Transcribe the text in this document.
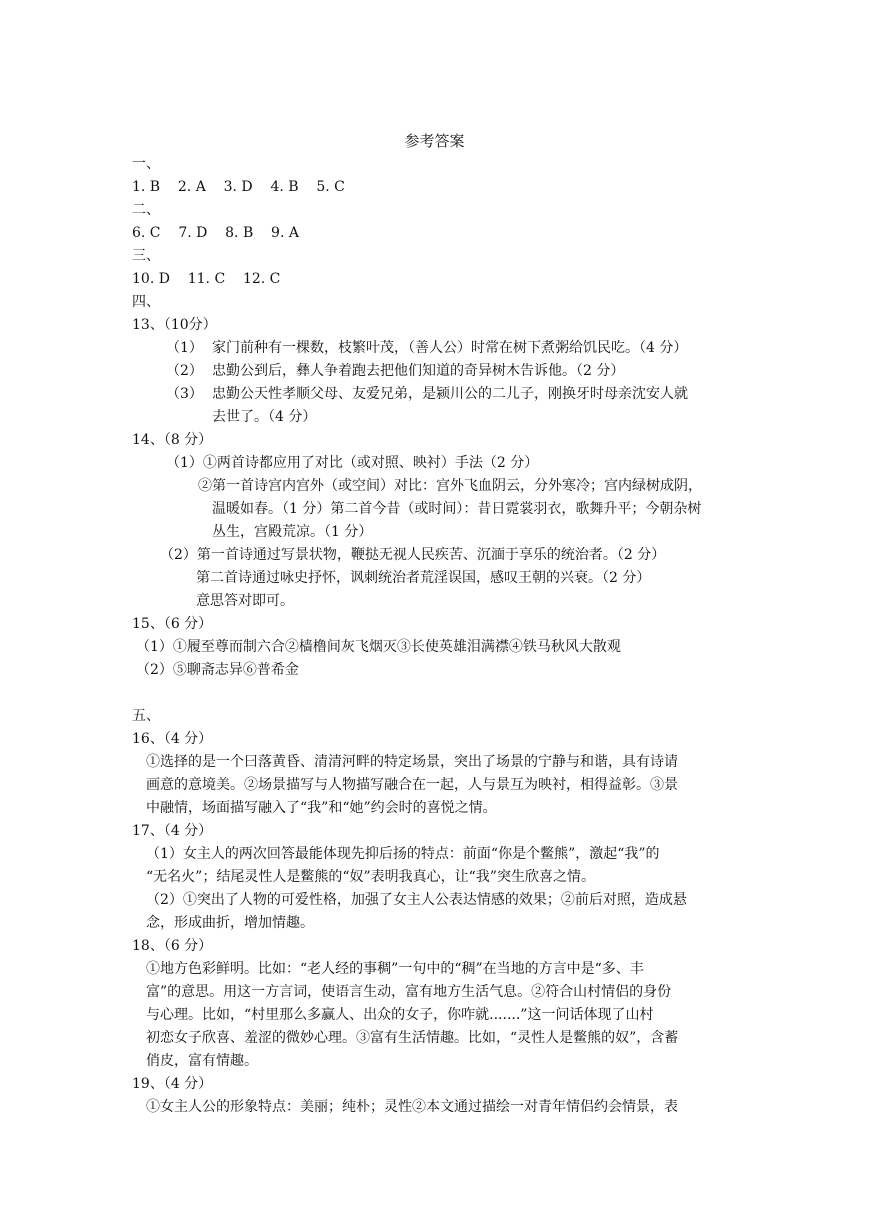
参考答案
一、
1. B    2. A    3. D    4. B    5. C
二、
6. C    7. D    8. B    9. A
三、
10. D    11. C    12. C
四、
13、（10分）
（1） 家门前种有一棵数，枝繁叶茂，（善人公）时常在树下煮粥给饥民吃。（4 分）
（2） 忠勤公到后，彝人争着跑去把他们知道的奇异树木告诉他。（2 分）
（3） 忠勤公天性孝顺父母、友爱兄弟，是颍川公的二儿子，刚换牙时母亲沈安人就
去世了。（4 分）
14、（8 分）
（1）①两首诗都应用了对比（或对照、映衬）手法（2 分）
②第一首诗宫内宫外（或空间）对比：宫外飞血阴云，分外寒冷；宫内绿树成阴，
温暖如春。（1 分）第二首今昔（或时间）：昔日霓裳羽衣，歌舞升平；今朝杂树
丛生，宫殿荒凉。（1 分）
（2）第一首诗通过写景状物，鞭挞无视人民疾苦、沉湎于享乐的统治者。（2 分）
第二首诗通过咏史抒怀，讽刺统治者荒淫误国，感叹王朝的兴衰。（2 分）
意思答对即可。
15、（6 分）
（1）①履至尊而制六合②樯橹间灰飞烟灭③长使英雄泪满襟④铁马秋风大散观
（2）⑤聊斋志异⑥普希金
五、
16、（4 分）
①选择的是一个曰落黄昏、清清河畔的特定场景，突出了场景的宁静与和谐，具有诗请
画意的意境美。②场景描写与人物描写融合在一起，人与景互为映衬，相得益彰。③景
中融情，场面描写融入了“我”和“她”约会时的喜悦之情。
17、（4 分）
（1）女主人的两次回答最能体现先抑后扬的特点：前面“你是个鳖熊”，激起“我”的
“无名火”；结尾灵性人是鳖熊的“奴”表明我真心，让“我”突生欣喜之情。
（2）①突出了人物的可爱性格，加强了女主人公表达情感的效果；②前后对照，造成悬
念，形成曲折，增加情趣。
18、（6 分）
①地方色彩鲜明。比如：“老人经的事稠”一句中的“稠”在当地的方言中是“多、丰
富”的意思。用这一方言词，使语言生动，富有地方生活气息。②符合山村情侣的身份
与心理。比如，“村里那么多赢人、出众的女子，你咋就.......”这一问话体现了山村
初恋女子欣喜、羞涩的微妙心理。③富有生活情趣。比如，“灵性人是鳖熊的奴”，含蓄
俏皮，富有情趣。
19、（4 分）
①女主人公的形象特点：美丽；纯朴；灵性②本文通过描绘一对青年情侣约会情景，表
